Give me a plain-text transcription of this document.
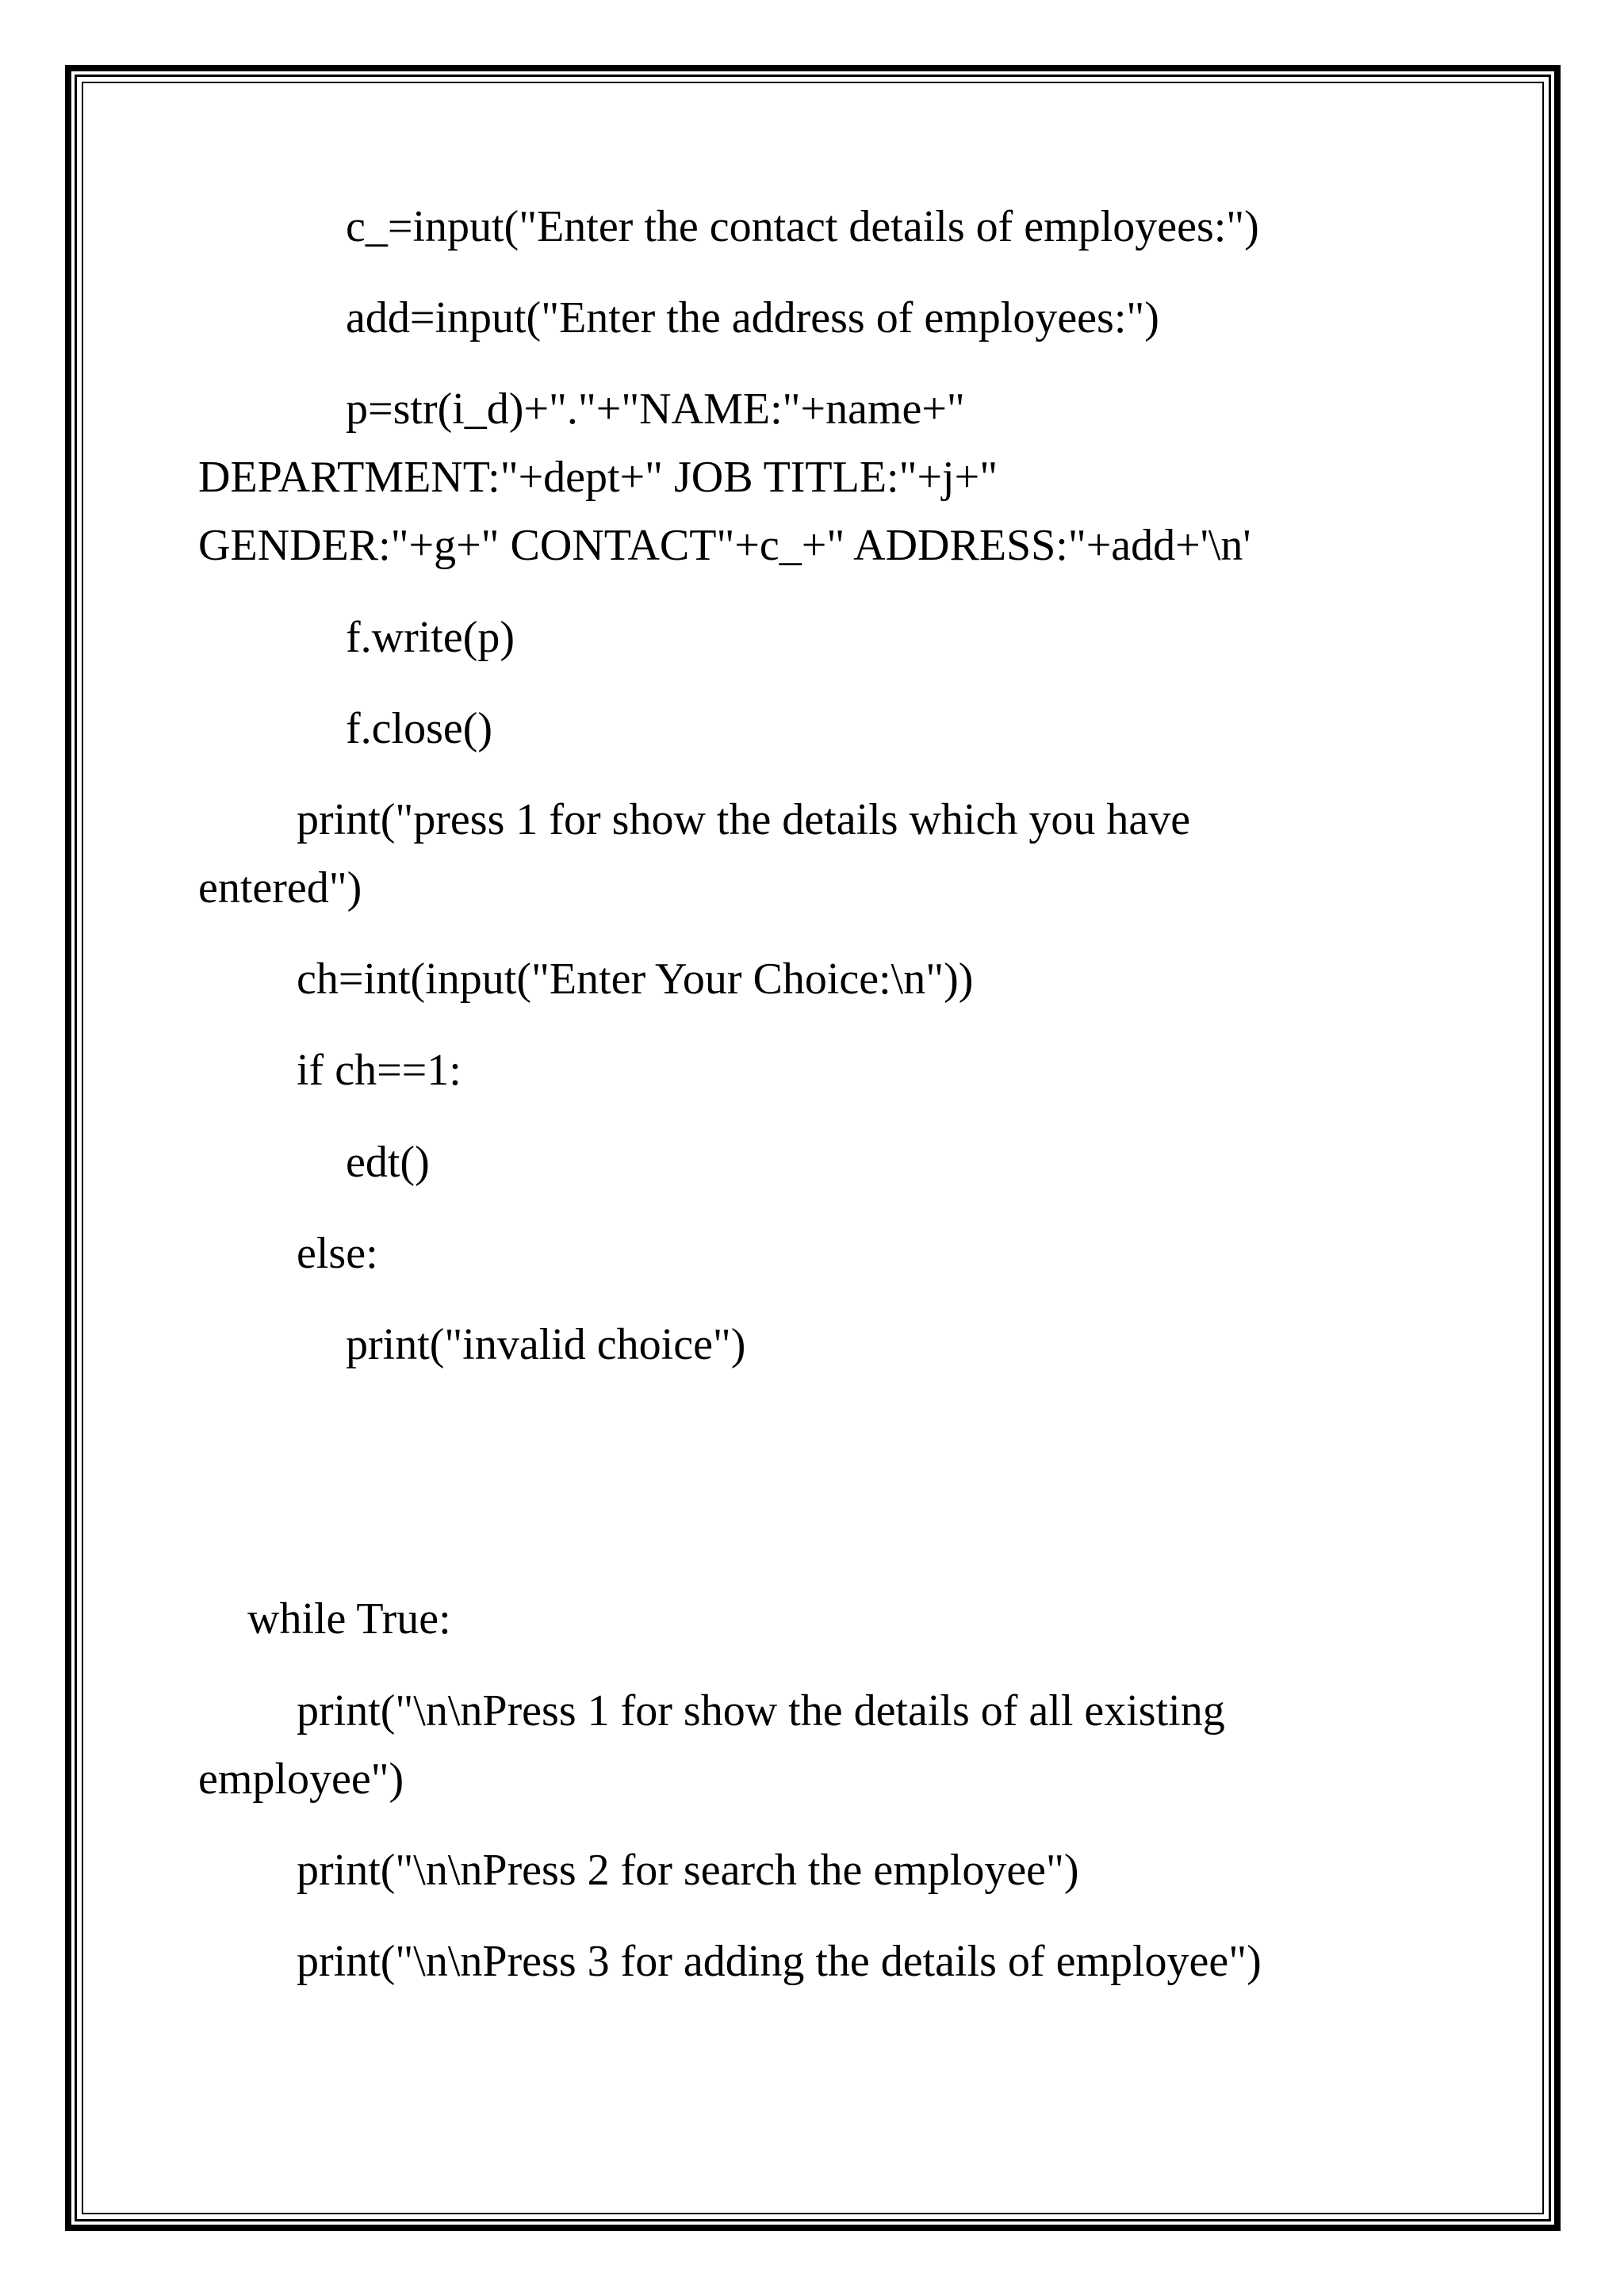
c_=input("Enter the contact details of employees:")
add=input("Enter the address of employees:")
p=str(i_d)+"."+"NAME:"+name+"
DEPARTMENT:"+dept+" JOB TITLE:"+j+"
GENDER:"+g+" CONTACT"+c_+" ADDRESS:"+add+'\n'
f.write(p)
f.close()
print("press 1 for show the details which you have
entered")
ch=int(input("Enter Your Choice:\n"))
if ch==1:
edt()
else:
print("invalid choice")
while True:
print("\n\nPress 1 for show the details of all existing
employee")
print("\n\nPress 2 for search the employee")
print("\n\nPress 3 for adding the details of employee")
